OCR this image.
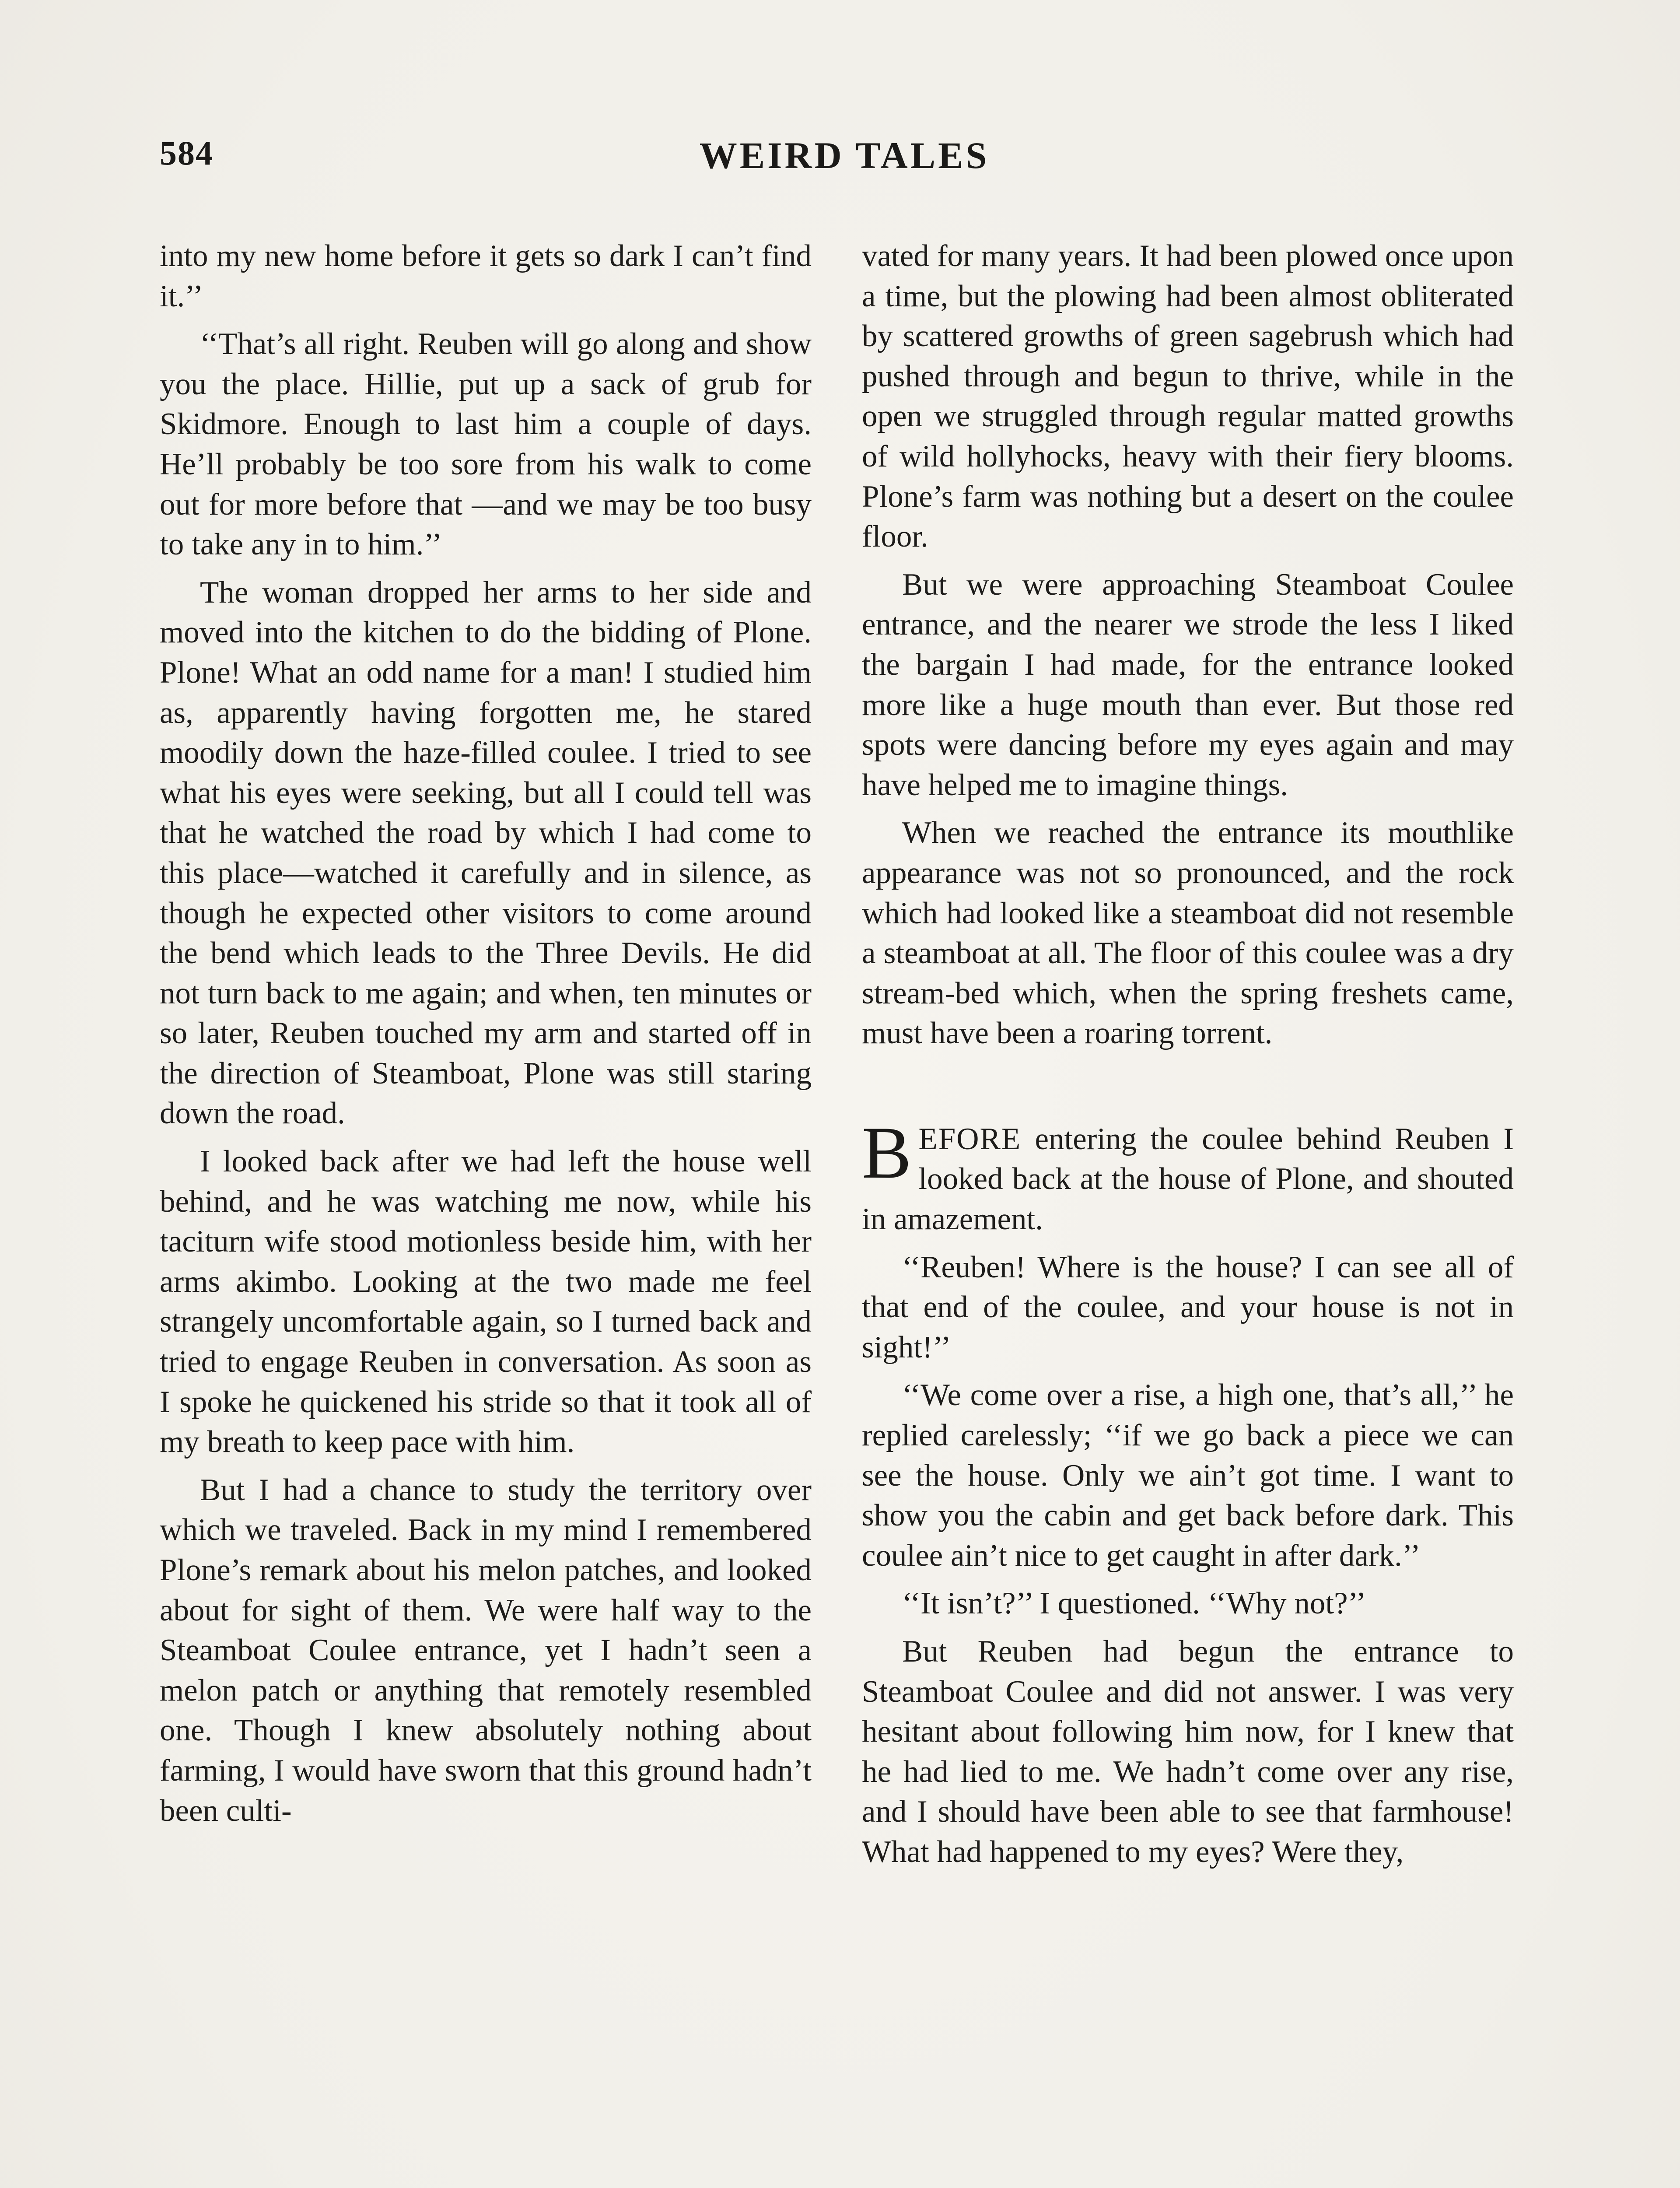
584	WEIRD TALES

into my new home before it gets so dark I can’t find it.’’

‘‘That’s all right. Reuben will go along and show you the place. Hillie, put up a sack of grub for Skidmore. Enough to last him a couple of days. He’ll probably be too sore from his walk to come out for more before that —and we may be too busy to take any in to him.’’

The woman dropped her arms to her side and moved into the kitchen to do the bidding of Plone. Plone! What an odd name for a man! I studied him as, apparently having forgotten me, he stared moodily down the haze-filled coulee. I tried to see what his eyes were seeking, but all I could tell was that he watched the road by which I had come to this place—watched it carefully and in silence, as though he expected other visitors to come around the bend which leads to the Three Devils. He did not turn back to me again; and when, ten minutes or so later, Reuben touched my arm and started off in the direction of Steamboat, Plone was still staring down the road.

I looked back after we had left the house well behind, and he was watching me now, while his taciturn wife stood motionless beside him, with her arms akimbo. Looking at the two made me feel strangely uncomfortable again, so I turned back and tried to engage Reuben in conversation. As soon as I spoke he quickened his stride so that it took all of my breath to keep pace with him.

But I had a chance to study the territory over which we traveled. Back in my mind I remembered Plone’s remark about his melon patches, and looked about for sight of them. We were half way to the Steamboat Coulee entrance, yet I hadn’t seen a melon patch or anything that remotely resembled one. Though I knew absolutely nothing about farming, I would have sworn that this ground hadn’t been culti-

vated for many years. It had been plowed once upon a time, but the plowing had been almost obliterated by scattered growths of green sagebrush which had pushed through and begun to thrive, while in the open we struggled through regular matted growths of wild hollyhocks, heavy with their fiery blooms. Plone’s farm was nothing but a desert on the coulee floor.

But we were approaching Steamboat Coulee entrance, and the nearer we strode the less I liked the bargain I had made, for the entrance looked more like a huge mouth than ever. But those red spots were dancing before my eyes again and may have helped me to imagine things.

When we reached the entrance its mouthlike appearance was not so pronounced, and the rock which had looked like a steamboat did not resemble a steamboat at all. The floor of this coulee was a dry stream-bed which, when the spring freshets came, must have been a roaring torrent.

BEFORE entering the coulee behind Reuben I looked back at the house of Plone, and shouted in amazement.

‘‘Reuben! Where is the house? I can see all of that end of the coulee, and your house is not in sight!’’

‘‘We come over a rise, a high one, that’s all,’’ he replied carelessly; ‘‘if we go back a piece we can see the house. Only we ain’t got time. I want to show you the cabin and get back before dark. This coulee ain’t nice to get caught in after dark.’’

‘‘It isn’t?’’ I questioned. ‘‘Why not?’’

But Reuben had begun the entrance to Steamboat Coulee and did not answer. I was very hesitant about following him now, for I knew that he had lied to me. We hadn’t come over any rise, and I should have been able to see that farmhouse! What had happened to my eyes? Were they,
